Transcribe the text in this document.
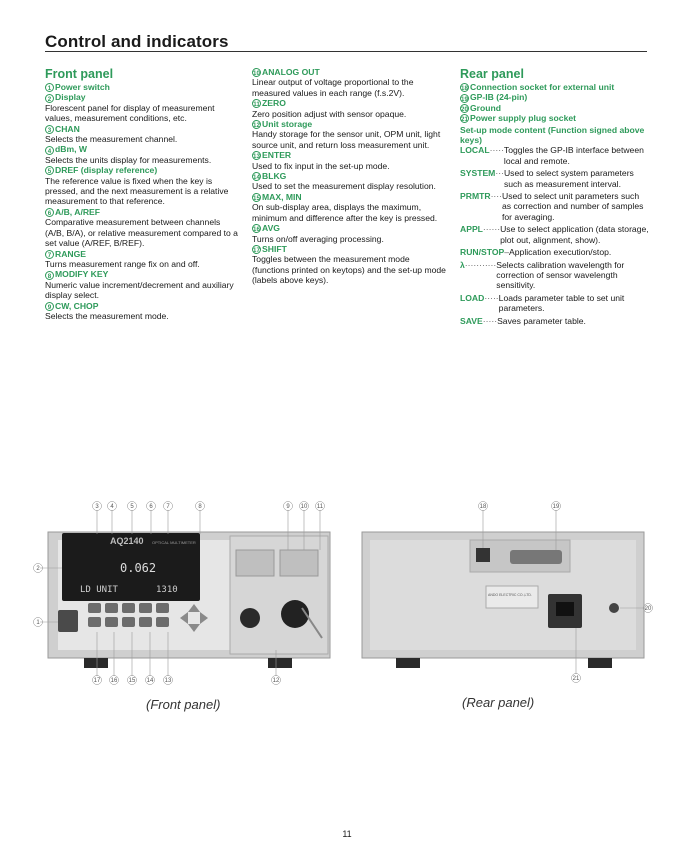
Control and indicators
Front panel
1 Power switch
2 Display
Florescent panel for display of measurement values, measurement conditions, etc.
3 CHAN
Selects the measurement channel.
4 dBm, W
Selects the units display for measurements.
5 DREF (display reference)
The reference value is fixed when the key is pressed, and the next measurement is a relative measurement to that reference.
6 A/B, A/REF
Comparative measurement between channels (A/B, B/A), or relative measurement compared to a set value (A/REF, B/REF).
7 RANGE
Turns measurement range fix on and off.
8 MODIFY KEY
Numeric value increment/decrement and auxiliary display select.
9 CW, CHOP
Selects the measurement mode.
10 ANALOG OUT
Linear output of voltage proportional to the measured values in each range (f.s.2V).
11 ZERO
Zero position adjust with sensor opaque.
12 Unit storage
Handy storage for the sensor unit, OPM unit, light source unit, and return loss measurement unit.
13 ENTER
Used to fix input in the set-up mode.
14 BLKG
Used to set the measurement display resolution.
15 MAX, MIN
On sub-display area, displays the maximum, minimum and difference after the key is pressed.
16 AVG
Turns on/off averaging processing.
17 SHIFT
Toggles between the measurement mode (functions printed on keytops) and the set-up mode (labels above keys).
Rear panel
18 Connection socket for external unit
19 GP-IB (24-pin)
20 Ground
21 Power supply plug socket
Set-up mode content (Function signed above keys)
LOCAL ····· Toggles the GP-IB interface between local and remote.
SYSTEM ··· Used to select system parameters such as measurement interval.
PRMTR ···· Used to select unit parameters such as correction and number of samples for averaging.
APPL ······ Use to select application (data storage, plot out, alignment, show).
RUN/STOP – Application execution/stop.
λ ··········· Selects calibration wavelength for correction of sensor wavelength sensitivity.
LOAD ····· Loads parameter table to set unit parameters.
SAVE ····· Saves parameter table.
AQ2140 OPTICAL MULTIMETER
0.062
LD UNIT	1310
3 4	5	6 7	8	9 10 11
2
1
17 16 15 14 13	12
ANDO ELECTRIC CO.,LTD.
18	19
20
21
(Front panel)	(Rear panel)
11
